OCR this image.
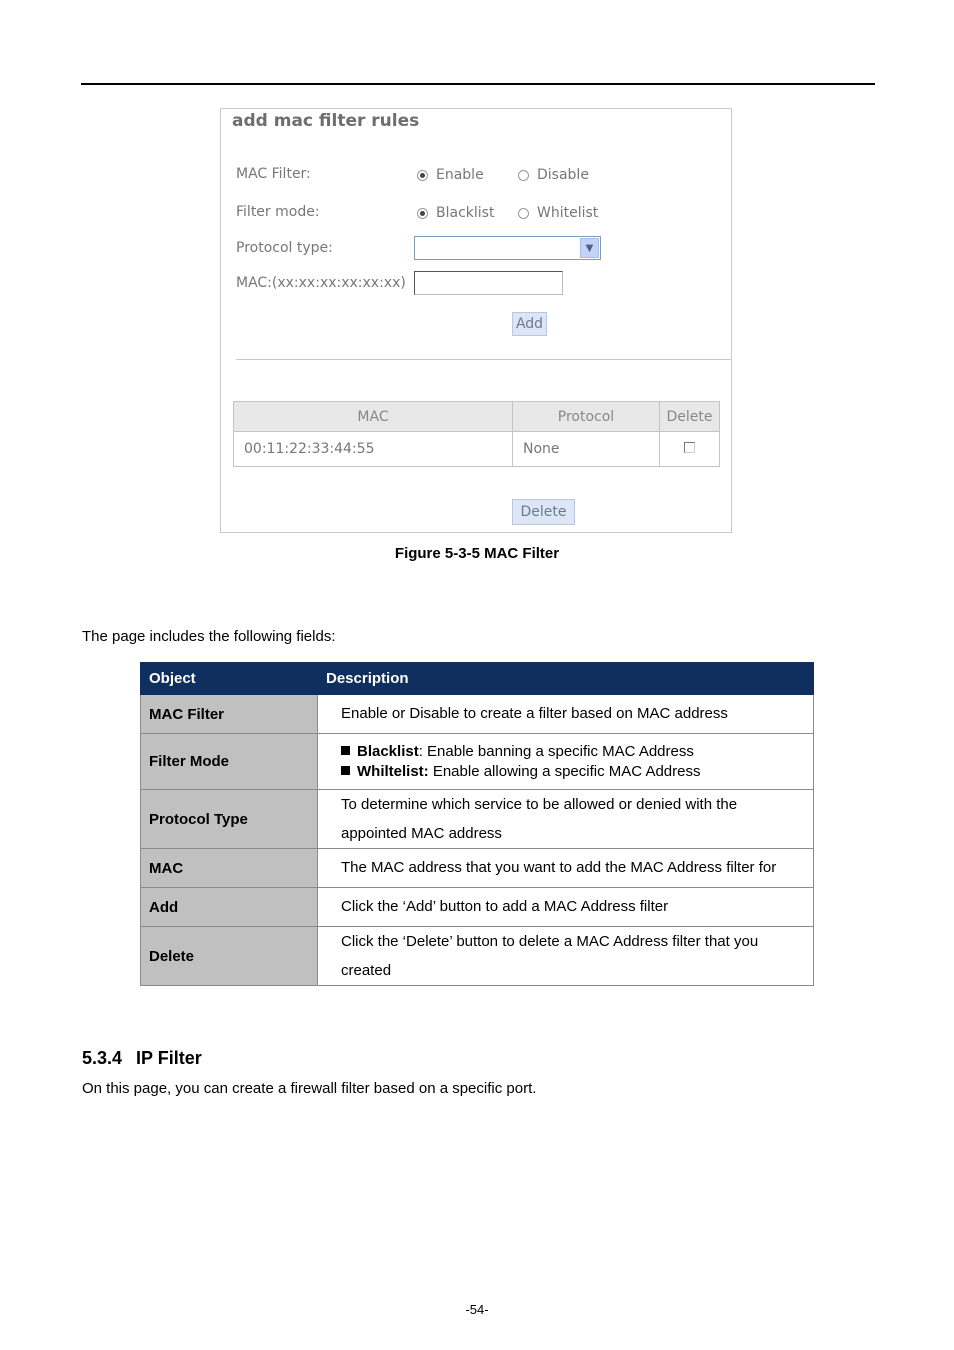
add mac filter rules
MAC Filter:	Enable	Disable
Filter mode:	Blacklist	Whitelist
Protocol type:	▼
MAC:(xx:xx:xx:xx:xx:xx)
Add
MAC	Protocol	Delete
00:11:22:33:44:55	None	
Delete
Figure 5-3-5 MAC Filter
The page includes the following fields:
Object	Description
MAC Filter	Enable or Disable to create a filter based on MAC address

Filter Mode	Blacklist: Enable banning a specific MAC Address
Whiltelist: Enable allowing a specific MAC Address

Protocol Type	To determine which service to be allowed or denied with the
appointed MAC address

MAC	The MAC address that you want to add the MAC Address filter for

Add	Click the ‘Add’ button to add a MAC Address filter

Delete	Click the ‘Delete’ button to delete a MAC Address filter that you
created
5.3.4 IP Filter
On this page, you can create a firewall filter based on a specific port.
-54-
